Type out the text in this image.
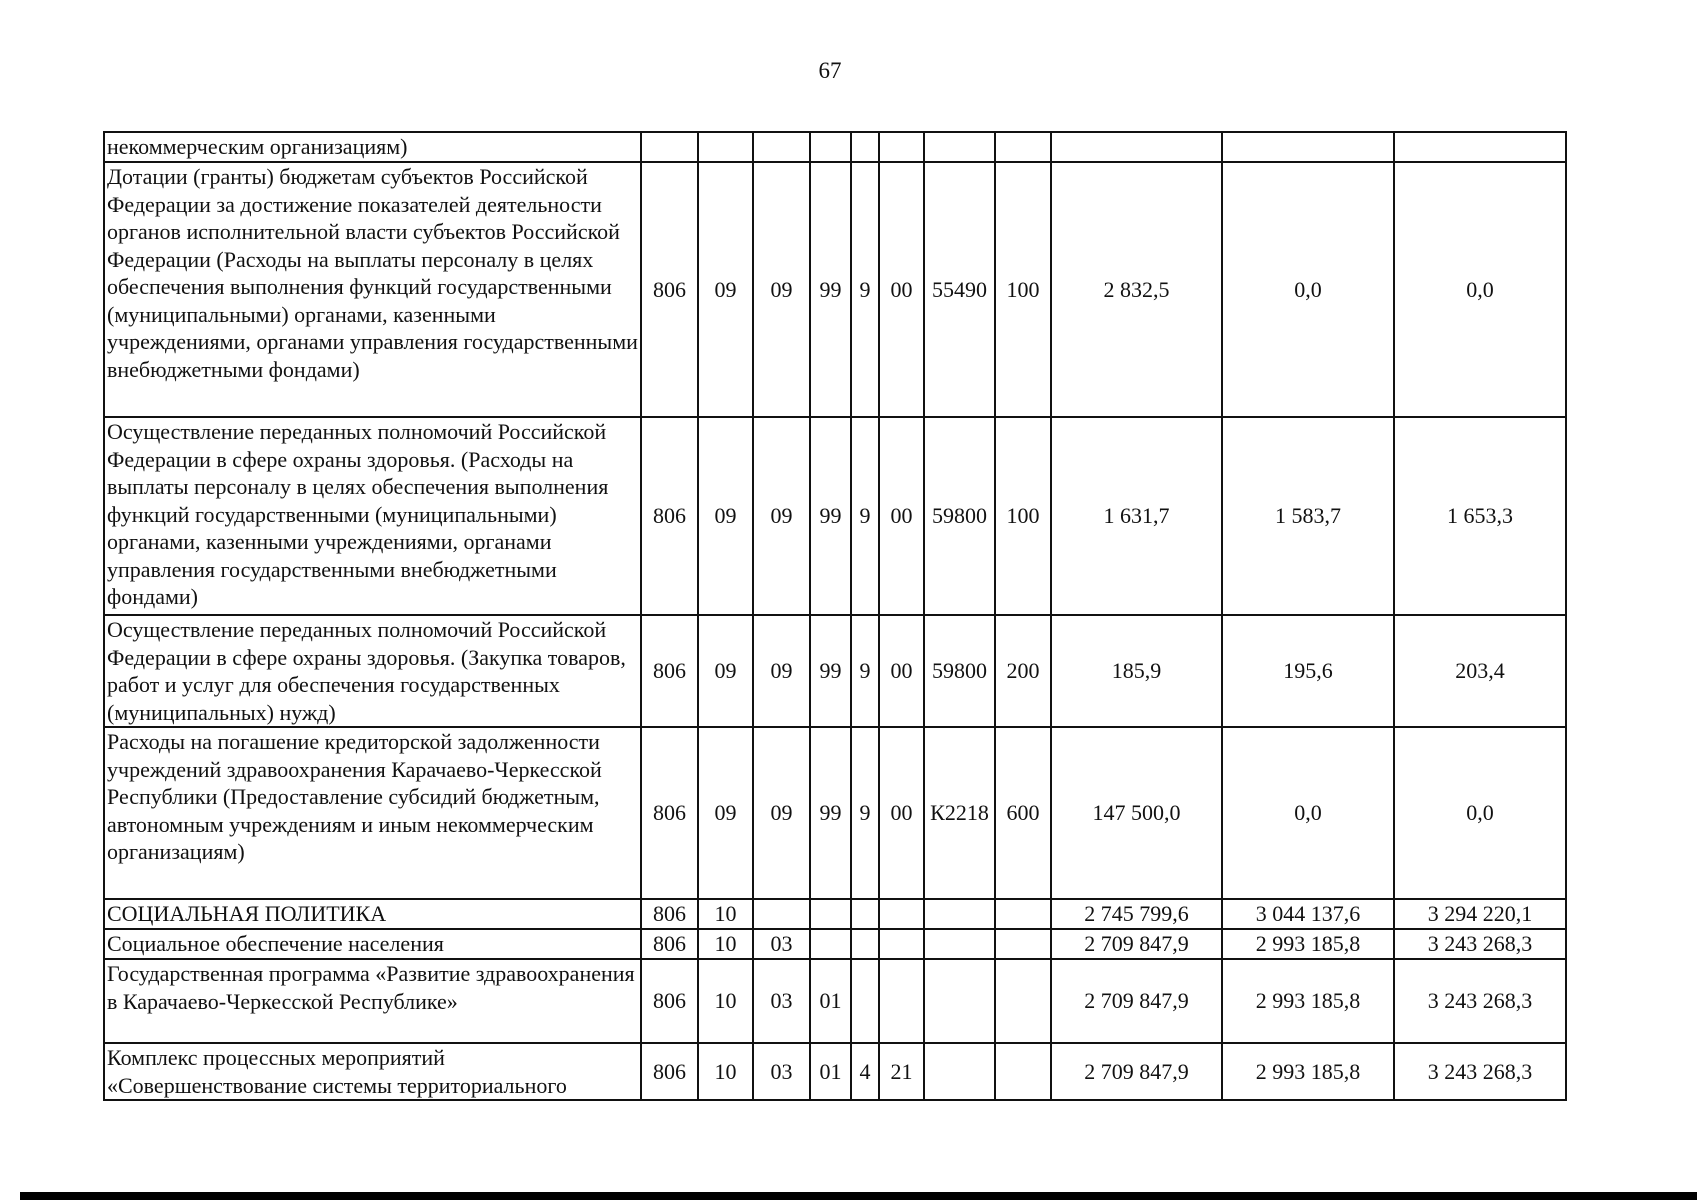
67
некоммерческим организациям)											
Дотации (гранты) бюджетам субъектов Российской Федерации за достижение показателей деятельности органов исполнительной власти субъектов Российской Федерации (Расходы на выплаты персоналу в целях обеспечения выполнения функций государственными (муниципальными) органами, казенными учреждениями, органами управления государственными внебюджетными фондами)	806	09	09	99	9	00	55490	100	2 832,5	0,0	0,0
Осуществление переданных полномочий Российской Федерации в сфере охраны здоровья. (Расходы на выплаты персоналу в целях обеспечения выполнения функций государственными (муниципальными) органами, казенными учреждениями, органами управления государственными внебюджетными фондами)	806	09	09	99	9	00	59800	100	1 631,7	1 583,7	1 653,3
Осуществление переданных полномочий Российской Федерации в сфере охраны здоровья. (Закупка товаров, работ и услуг для обеспечения государственных (муниципальных) нужд)	806	09	09	99	9	00	59800	200	185,9	195,6	203,4
Расходы на погашение кредиторской задолженности учреждений здравоохранения Карачаево-Черкесской Республики (Предоставление субсидий бюджетным, автономным учреждениям и иным некоммерческим организациям)	806	09	09	99	9	00	К2218	600	147 500,0	0,0	0,0
СОЦИАЛЬНАЯ ПОЛИТИКА	806	10							2 745 799,6	3 044 137,6	3 294 220,1
Социальное обеспечение населения	806	10	03						2 709 847,9	2 993 185,8	3 243 268,3
Государственная программа «Развитие здравоохранения в Карачаево-Черкесской Республике»	806	10	03	01					2 709 847,9	2 993 185,8	3 243 268,3
Комплекс процессных мероприятий «Совершенствование системы территориального	806	10	03	01	4	21			2 709 847,9	2 993 185,8	3 243 268,3
